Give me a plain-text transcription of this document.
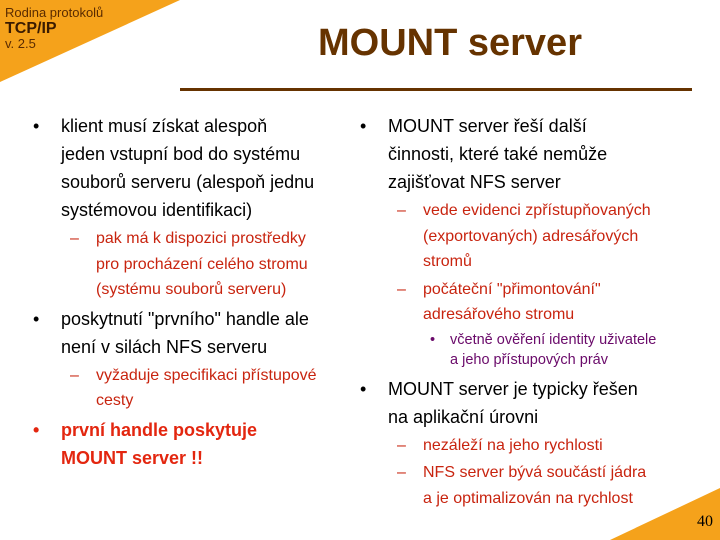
Rodina protokolů
TCP/IP
v. 2.5	MOUNT server
• klient musí získat alespoň
jeden vstupní bod do systému
souborů serveru (alespoň jednu
systémovou identifikaci)
– pak má k dispozici prostředky
pro procházení celého stromu
(systému souborů serveru)
• poskytnutí "prvního" handle ale
není v silách NFS serveru
– vyžaduje specifikaci přístupové
cesty
• první handle poskytuje
MOUNT server !!
• MOUNT server řeší další
činnosti, které také nemůže
zajišťovat NFS server
– vede evidenci zpřístupňovaných
(exportovaných) adresářových
stromů
– počáteční "přimontování"
adresářového stromu
• včetně ověření identity uživatele
a jeho přístupových práv
• MOUNT server je typicky řešen
na aplikační úrovni
– nezáleží na jeho rychlosti
– NFS server bývá součástí jádra
a je optimalizován na rychlost
40
